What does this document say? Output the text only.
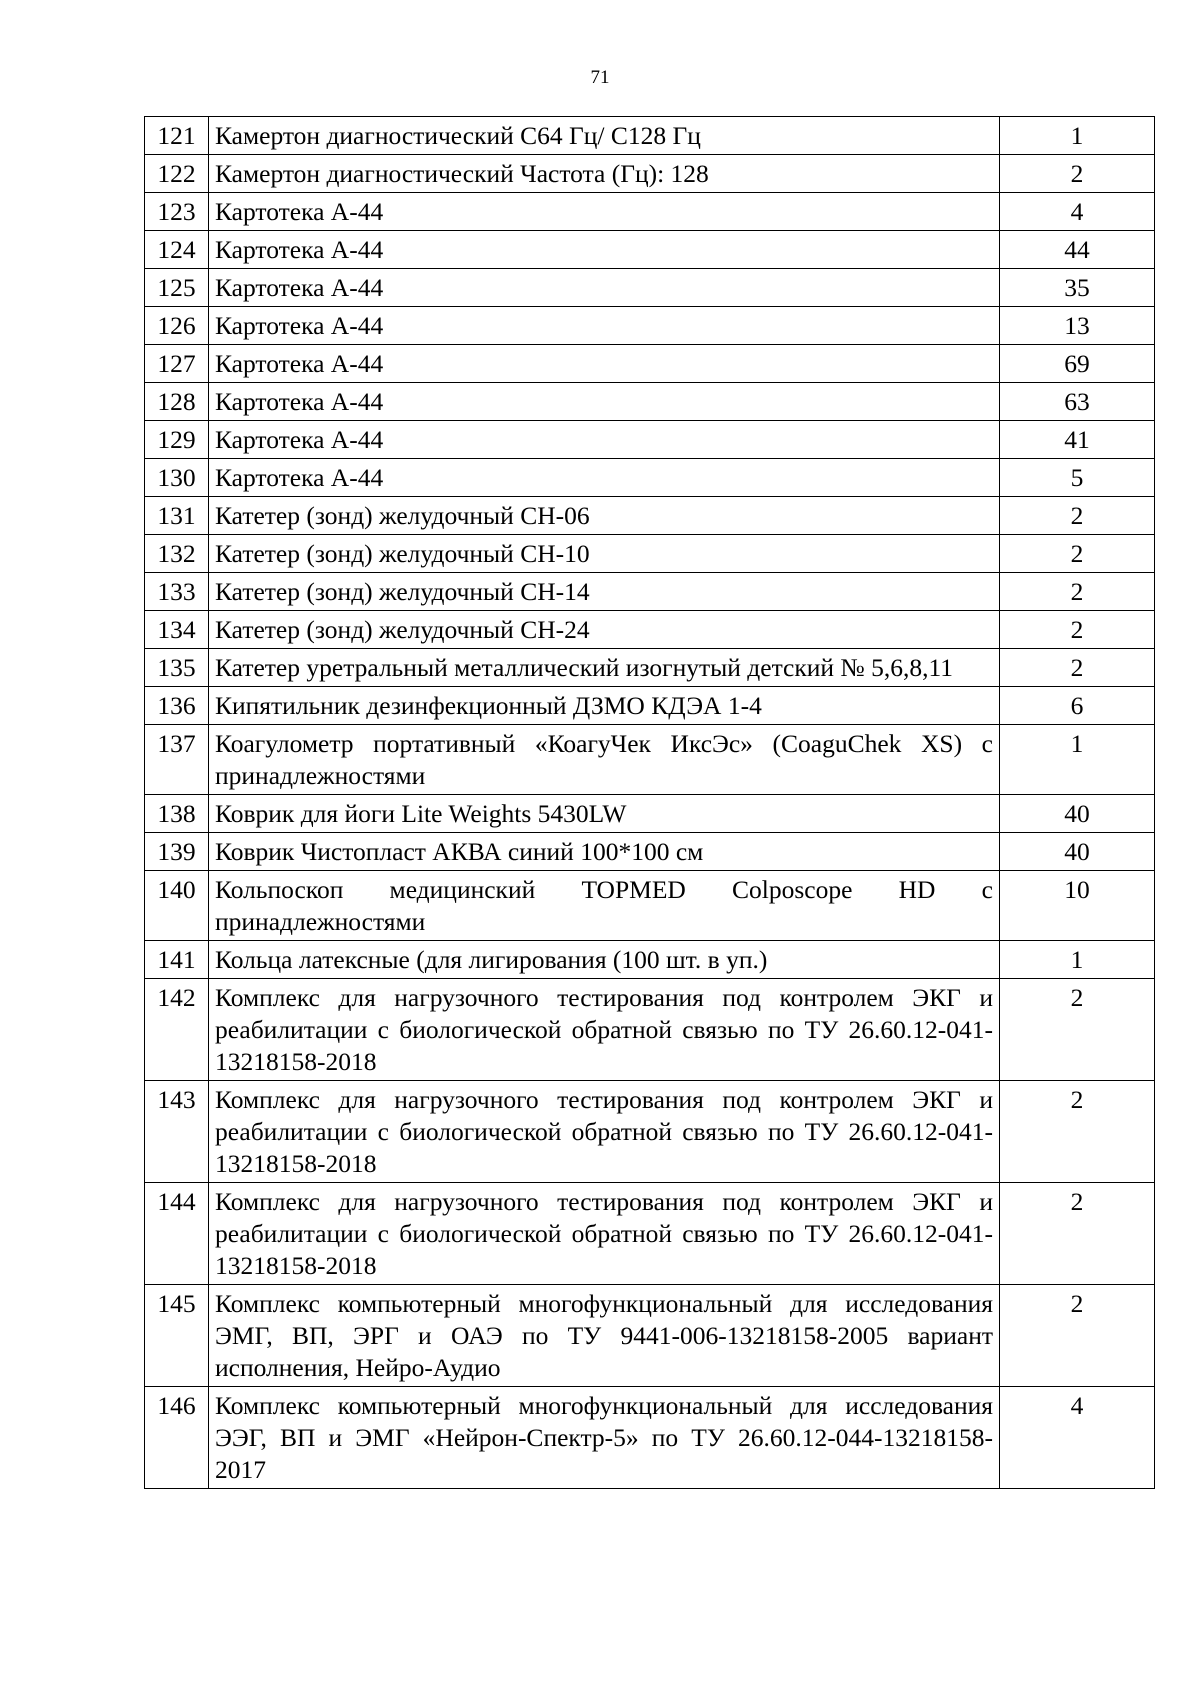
71
121	Камертон диагностический С64 Гц/ С128 Гц	1
122	Камертон диагностический Частота (Гц): 128	2
123	Картотека А-44	4
124	Картотека А-44	44
125	Картотека А-44	35
126	Картотека А-44	13
127	Картотека А-44	69
128	Картотека А-44	63
129	Картотека А-44	41
130	Картотека А-44	5
131	Катетер (зонд) желудочный СН-06	2
132	Катетер (зонд) желудочный СН-10	2
133	Катетер (зонд) желудочный СН-14	2
134	Катетер (зонд) желудочный СН-24	2
135	Катетер уретральный металлический изогнутый детский № 5,6,8,11	2
136	Кипятильник дезинфекционный ДЗМО КДЭА 1-4	6
137	Коагулометр портативный «КоагуЧек ИксЭс» (CoaguChek XS) с принадлежностями	1
138	Коврик для йоги Lite Weights 5430LW	40
139	Коврик Чистопласт АКВА синий 100*100 см	40
140	Кольпоскоп медицинский TOPMED Colposcope HD с принадлежностями	10
141	Кольца латексные (для лигирования (100 шт. в уп.)	1
142	Комплекс для нагрузочного тестирования под контролем ЭКГ и реабилитации с биологической обратной связью по ТУ 26.60.12-041-13218158-2018	2
143	Комплекс для нагрузочного тестирования под контролем ЭКГ и реабилитации с биологической обратной связью по ТУ 26.60.12-041-13218158-2018	2
144	Комплекс для нагрузочного тестирования под контролем ЭКГ и реабилитации с биологической обратной связью по ТУ 26.60.12-041-13218158-2018	2
145	Комплекс компьютерный многофункциональный для исследования ЭМГ, ВП, ЭРГ и ОАЭ по ТУ 9441-006-13218158-2005 вариант исполнения, Нейро-Аудио	2
146	Комплекс компьютерный многофункциональный для исследования ЭЭГ, ВП и ЭМГ «Нейрон-Спектр-5» по ТУ 26.60.12-044-13218158-2017	4
